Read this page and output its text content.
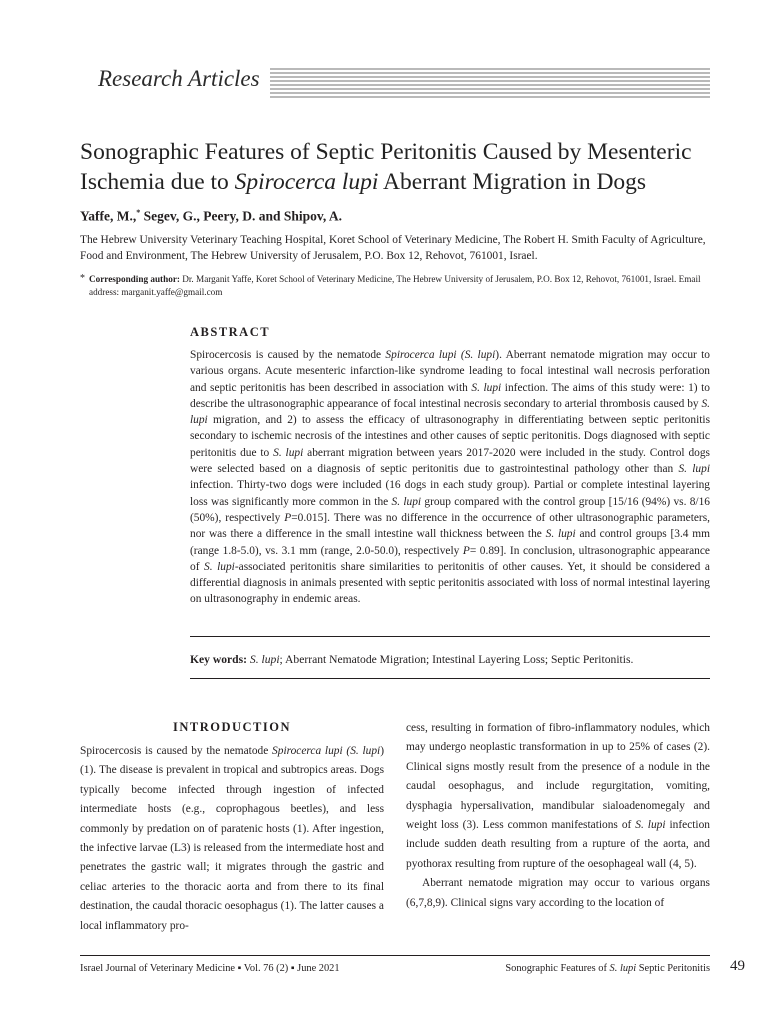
Research Articles
Sonographic Features of Septic Peritonitis Caused by Mesenteric Ischemia due to Spirocerca lupi Aberrant Migration in Dogs
Yaffe, M.,* Segev, G., Peery, D. and Shipov, A.
The Hebrew University Veterinary Teaching Hospital, Koret School of Veterinary Medicine, The Robert H. Smith Faculty of Agriculture, Food and Environment, The Hebrew University of Jerusalem, P.O. Box 12, Rehovot, 761001, Israel.
* Corresponding author: Dr. Marganit Yaffe, Koret School of Veterinary Medicine, The Hebrew University of Jerusalem, P.O. Box 12, Rehovot, 761001, Israel. Email address: marganit.yaffe@gmail.com
ABSTRACT
Spirocercosis is caused by the nematode Spirocerca lupi (S. lupi). Aberrant nematode migration may occur to various organs. Acute mesenteric infarction-like syndrome leading to focal intestinal wall necrosis perforation and septic peritonitis has been described in association with S. lupi infection. The aims of this study were: 1) to describe the ultrasonographic appearance of focal intestinal necrosis secondary to arterial thrombosis caused by S. lupi migration, and 2) to assess the efficacy of ultrasonography in differentiating between septic peritonitis secondary to ischemic necrosis of the intestines and other causes of septic peritonitis. Dogs diagnosed with septic peritonitis due to S. lupi aberrant migration between years 2017-2020 were included in the study. Control dogs were selected based on a diagnosis of septic peritonitis due to gastrointestinal pathology other than S. lupi infection. Thirty-two dogs were included (16 dogs in each study group). Partial or complete intestinal layering loss was significantly more common in the S. lupi group compared with the control group [15/16 (94%) vs. 8/16 (50%), respectively P=0.015]. There was no difference in the occurrence of other ultrasonographic parameters, nor was there a difference in the small intestine wall thickness between the S. lupi and control groups [3.4 mm (range 1.8-5.0), vs. 3.1 mm (range, 2.0-50.0), respectively P= 0.89]. In conclusion, ultrasonographic appearance of S. lupi-associated peritonitis share similarities to peritonitis of other causes. Yet, it should be considered a differential diagnosis in animals presented with septic peritonitis associated with loss of normal intestinal layering on ultrasonography in endemic areas.
Key words: S. lupi; Aberrant Nematode Migration; Intestinal Layering Loss; Septic Peritonitis.
INTRODUCTION
Spirocercosis is caused by the nematode Spirocerca lupi (S. lupi) (1). The disease is prevalent in tropical and subtropics areas. Dogs typically become infected through ingestion of infected intermediate hosts (e.g., coprophagous beetles), and less commonly by predation on of paratenic hosts (1). After ingestion, the infective larvae (L3) is released from the intermediate host and penetrates the gastric wall; it migrates through the gastric and celiac arteries to the thoracic aorta and from there to its final destination, the caudal thoracic oesophagus (1). The latter causes a local inflammatory pro-
cess, resulting in formation of fibro-inflammatory nodules, which may undergo neoplastic transformation in up to 25% of cases (2). Clinical signs mostly result from the presence of a nodule in the caudal oesophagus, and include regurgitation, vomiting, dysphagia hypersalivation, mandibular sialoadenomegaly and weight loss (3). Less common manifestations of S. lupi infection include sudden death resulting from a rupture of the aorta, and pyothorax resulting from rupture of the oesophageal wall (4, 5).
Aberrant nematode migration may occur to various organs (6,7,8,9). Clinical signs vary according to the location of
Israel Journal of Veterinary Medicine ▪ Vol. 76 (2) ▪ June 2021	Sonographic Features of S. lupi Septic Peritonitis 49
